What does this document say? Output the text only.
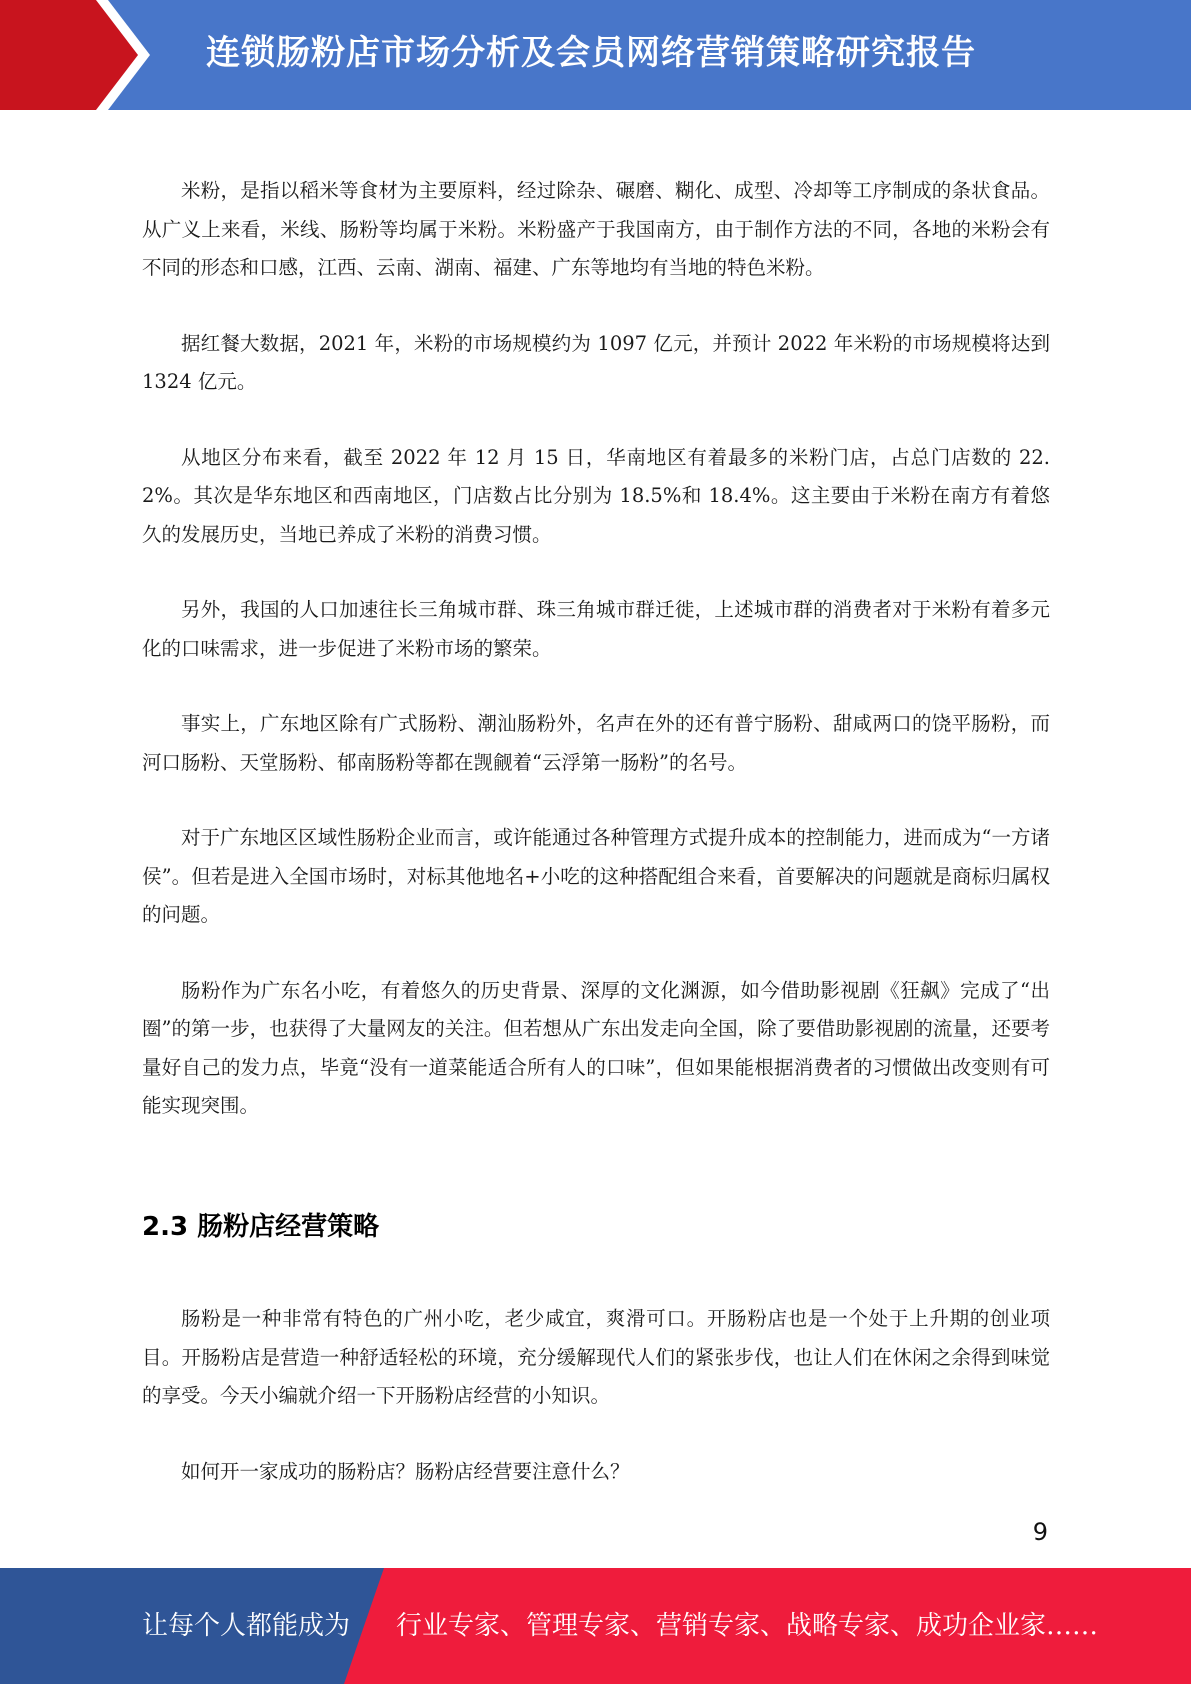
连锁肠粉店市场分析及会员网络营销策略研究报告

米粉，是指以稻米等食材为主要原料，经过除杂、碾磨、糊化、成型、冷却等工序制成的条状食品。从广义上来看，米线、肠粉等均属于米粉。米粉盛产于我国南方，由于制作方法的不同，各地的米粉会有不同的形态和口感，江西、云南、湖南、福建、广东等地均有当地的特色米粉。

据红餐大数据，2021 年，米粉的市场规模约为 1097 亿元，并预计 2022 年米粉的市场规模将达到 1324 亿元。

从地区分布来看，截至 2022 年 12 月 15 日，华南地区有着最多的米粉门店，占总门店数的 22.2%。其次是华东地区和西南地区，门店数占比分别为 18.5%和 18.4%。这主要由于米粉在南方有着悠久的发展历史，当地已养成了米粉的消费习惯。

另外，我国的人口加速往长三角城市群、珠三角城市群迁徙，上述城市群的消费者对于米粉有着多元化的口味需求，进一步促进了米粉市场的繁荣。

事实上，广东地区除有广式肠粉、潮汕肠粉外，名声在外的还有普宁肠粉、甜咸两口的饶平肠粉，而河口肠粉、天堂肠粉、郁南肠粉等都在觊觎着“云浮第一肠粉”的名号。

对于广东地区区域性肠粉企业而言，或许能通过各种管理方式提升成本的控制能力，进而成为“一方诸侯”。但若是进入全国市场时，对标其他地名+小吃的这种搭配组合来看，首要解决的问题就是商标归属权的问题。

肠粉作为广东名小吃，有着悠久的历史背景、深厚的文化渊源，如今借助影视剧《狂飙》完成了“出圈”的第一步，也获得了大量网友的关注。但若想从广东出发走向全国，除了要借助影视剧的流量，还要考量好自己的发力点，毕竟“没有一道菜能适合所有人的口味”，但如果能根据消费者的习惯做出改变则有可能实现突围。

2.3 肠粉店经营策略

肠粉是一种非常有特色的广州小吃，老少咸宜，爽滑可口。开肠粉店也是一个处于上升期的创业项目。开肠粉店是营造一种舒适轻松的环境，充分缓解现代人们的紧张步伐，也让人们在休闲之余得到味觉的享受。今天小编就介绍一下开肠粉店经营的小知识。

如何开一家成功的肠粉店？肠粉店经营要注意什么？

9
让每个人都能成为 行业专家、管理专家、营销专家、战略专家、成功企业家……
